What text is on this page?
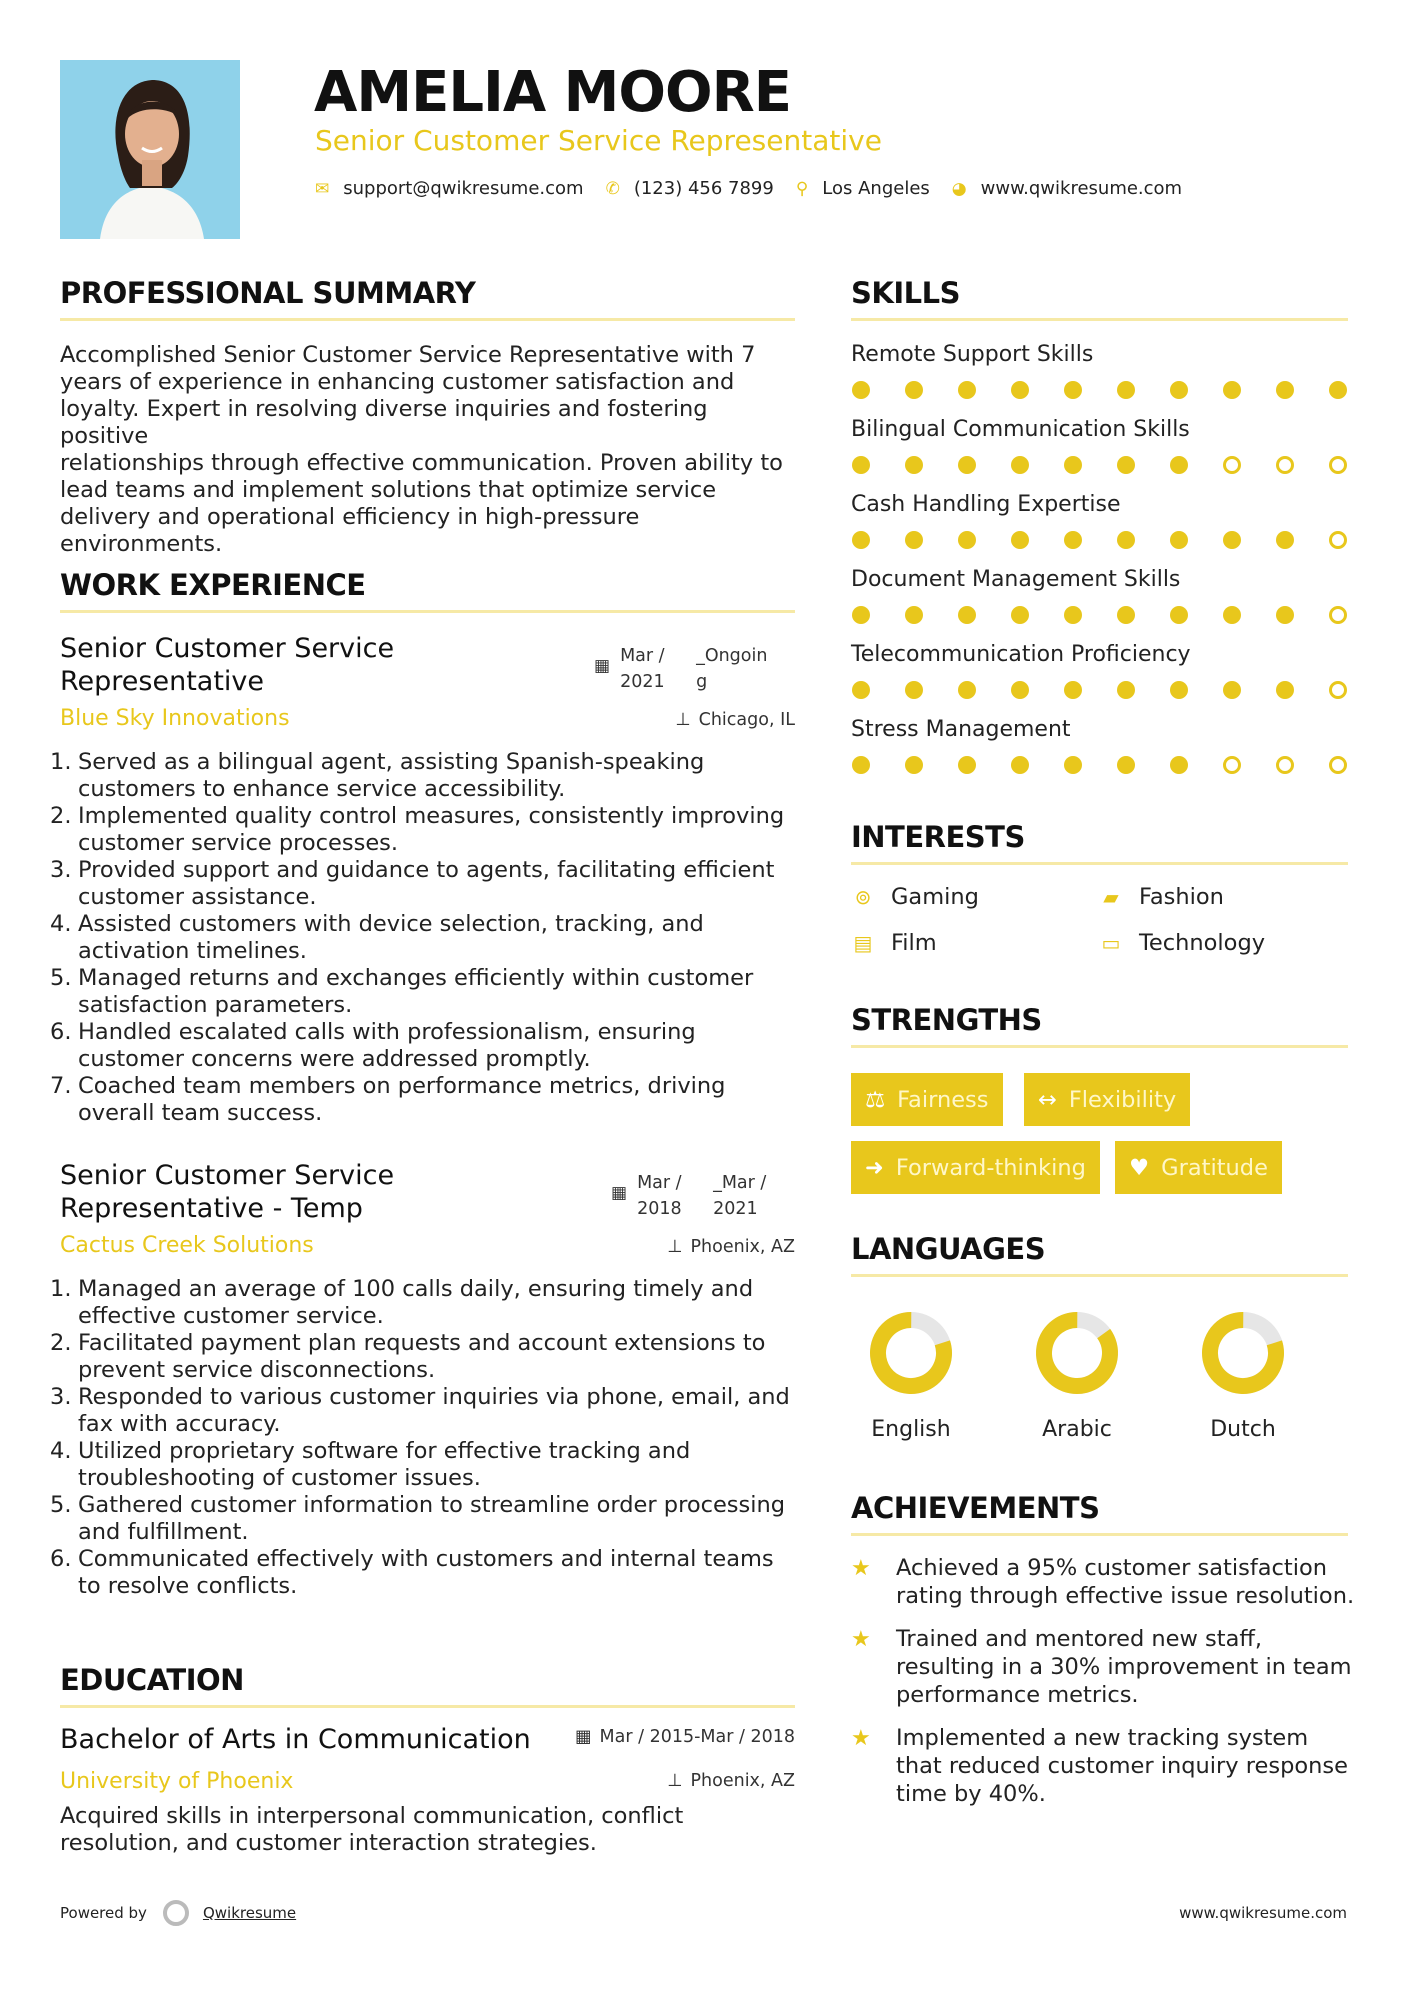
AMELIA MOORE
Senior Customer Service Representative
✉ support@qwikresume.com ✆ (123) 456 7899 ⚲ Los Angeles ◕ www.qwikresume.com
PROFESSIONAL SUMMARY
Accomplished Senior Customer Service Representative with 7
years of experience in enhancing customer satisfaction and
loyalty. Expert in resolving diverse inquiries and fostering positive
relationships through effective communication. Proven ability to
lead teams and implement solutions that optimize service
delivery and operational efficiency in high-pressure
environments.
WORK EXPERIENCE
Senior Customer Service
Representative	▦ Mar /
2021
_Ongoin
g
Blue Sky Innovations	⊥ Chicago, IL
1. Served as a bilingual agent, assisting Spanish-speaking
customers to enhance service accessibility.
2. Implemented quality control measures, consistently improving
customer service processes.
3. Provided support and guidance to agents, facilitating efficient
customer assistance.
4. Assisted customers with device selection, tracking, and
activation timelines.
5. Managed returns and exchanges efficiently within customer
satisfaction parameters.
6. Handled escalated calls with professionalism, ensuring
customer concerns were addressed promptly.
7. Coached team members on performance metrics, driving
overall team success.
Senior Customer Service
Representative - Temp	▦ Mar /
2018
_Mar /
2021
Cactus Creek Solutions	⊥ Phoenix, AZ
1. Managed an average of 100 calls daily, ensuring timely and
effective customer service.
2. Facilitated payment plan requests and account extensions to
prevent service disconnections.
3. Responded to various customer inquiries via phone, email, and
fax with accuracy.
4. Utilized proprietary software for effective tracking and
troubleshooting of customer issues.
5. Gathered customer information to streamline order processing
and fulfillment.
6. Communicated effectively with customers and internal teams
to resolve conflicts.
EDUCATION
Bachelor of Arts in Communication	▦ Mar / 2015-Mar / 2018
University of Phoenix	⊥ Phoenix, AZ
Acquired skills in interpersonal communication, conflict
resolution, and customer interaction strategies.
SKILLS
Remote Support Skills
Bilingual Communication Skills
Cash Handling Expertise
Document Management Skills
Telecommunication Proficiency
Stress Management
INTERESTS
⊚ Gaming	▰ Fashion
▤ Film	▭ Technology
STRENGTHS
⚖ Fairness ↔ Flexibility
➜ Forward-thinking ♥ Gratitude
LANGUAGES
English	Arabic	Dutch
ACHIEVEMENTS
★	Achieved a 95% customer satisfaction
rating through effective issue resolution.
★	Trained and mentored new staff,
resulting in a 30% improvement in team
performance metrics.
★	Implemented a new tracking system
that reduced customer inquiry response
time by 40%.
Powered by	Qwikresume	www.qwikresume.com
